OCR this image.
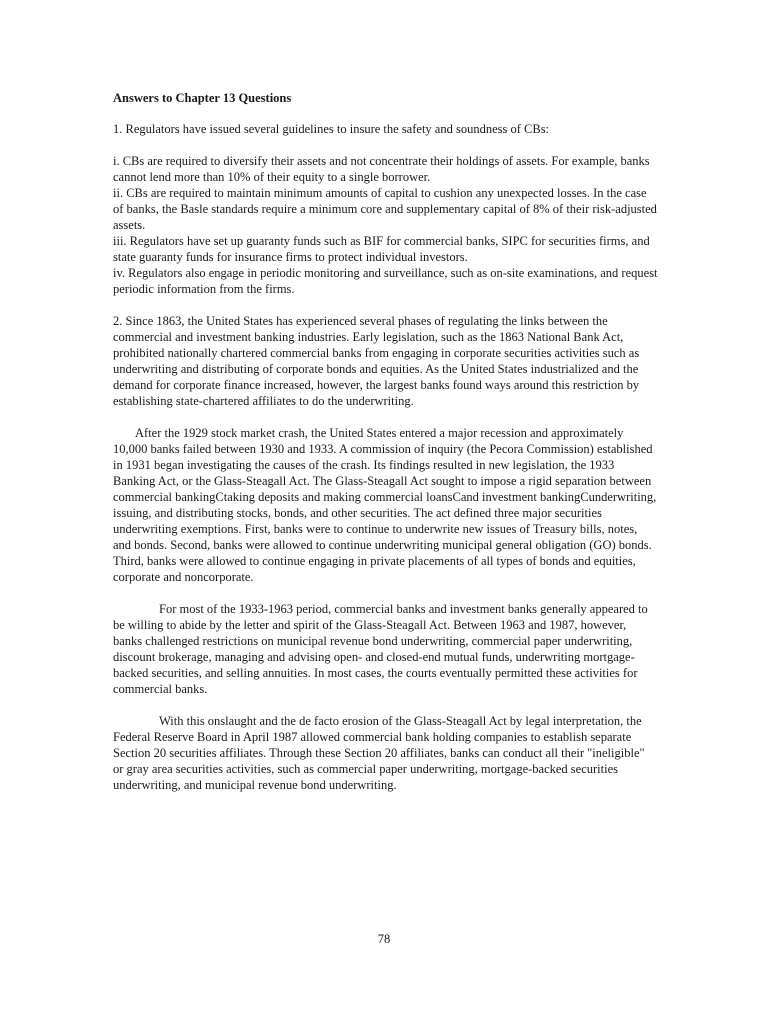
Answers to Chapter 13 Questions

1. Regulators have issued several guidelines to insure the safety and soundness of CBs:

i. CBs are required to diversify their assets and not concentrate their holdings of assets. For example, banks cannot lend more than 10% of their equity to a single borrower.

ii. CBs are required to maintain minimum amounts of capital to cushion any unexpected losses. In the case of banks, the Basle standards require a minimum core and supplementary capital of 8% of their risk-adjusted assets.

iii. Regulators have set up guaranty funds such as BIF for commercial banks, SIPC for securities firms, and state guaranty funds for insurance firms to protect individual investors.

iv. Regulators also engage in periodic monitoring and surveillance, such as on-site examinations, and request periodic information from the firms.

2. Since 1863, the United States has experienced several phases of regulating the links between the commercial and investment banking industries. Early legislation, such as the 1863 National Bank Act, prohibited nationally chartered commercial banks from engaging in corporate securities activities such as underwriting and distributing of corporate bonds and equities. As the United States industrialized and the demand for corporate finance increased, however, the largest banks found ways around this restriction by establishing state-chartered affiliates to do the underwriting.

After the 1929 stock market crash, the United States entered a major recession and approximately 10,000 banks failed between 1930 and 1933. A commission of inquiry (the Pecora Commission) established in 1931 began investigating the causes of the crash. Its findings resulted in new legislation, the 1933 Banking Act, or the Glass-Steagall Act. The Glass-Steagall Act sought to impose a rigid separation between commercial bankingCtaking deposits and making commercial loansCand investment bankingCunderwriting, issuing, and distributing stocks, bonds, and other securities. The act defined three major securities underwriting exemptions. First, banks were to continue to underwrite new issues of Treasury bills, notes, and bonds. Second, banks were allowed to continue underwriting municipal general obligation (GO) bonds. Third, banks were allowed to continue engaging in private placements of all types of bonds and equities, corporate and noncorporate.

For most of the 1933-1963 period, commercial banks and investment banks generally appeared to be willing to abide by the letter and spirit of the Glass-Steagall Act. Between 1963 and 1987, however, banks challenged restrictions on municipal revenue bond underwriting, commercial paper underwriting, discount brokerage, managing and advising open- and closed-end mutual funds, underwriting mortgage-backed securities, and selling annuities. In most cases, the courts eventually permitted these activities for commercial banks.

With this onslaught and the de facto erosion of the Glass-Steagall Act by legal interpretation, the Federal Reserve Board in April 1987 allowed commercial bank holding companies to establish separate Section 20 securities affiliates. Through these Section 20 affiliates, banks can conduct all their "ineligible" or gray area securities activities, such as commercial paper underwriting, mortgage-backed securities underwriting, and municipal revenue bond underwriting.

78
